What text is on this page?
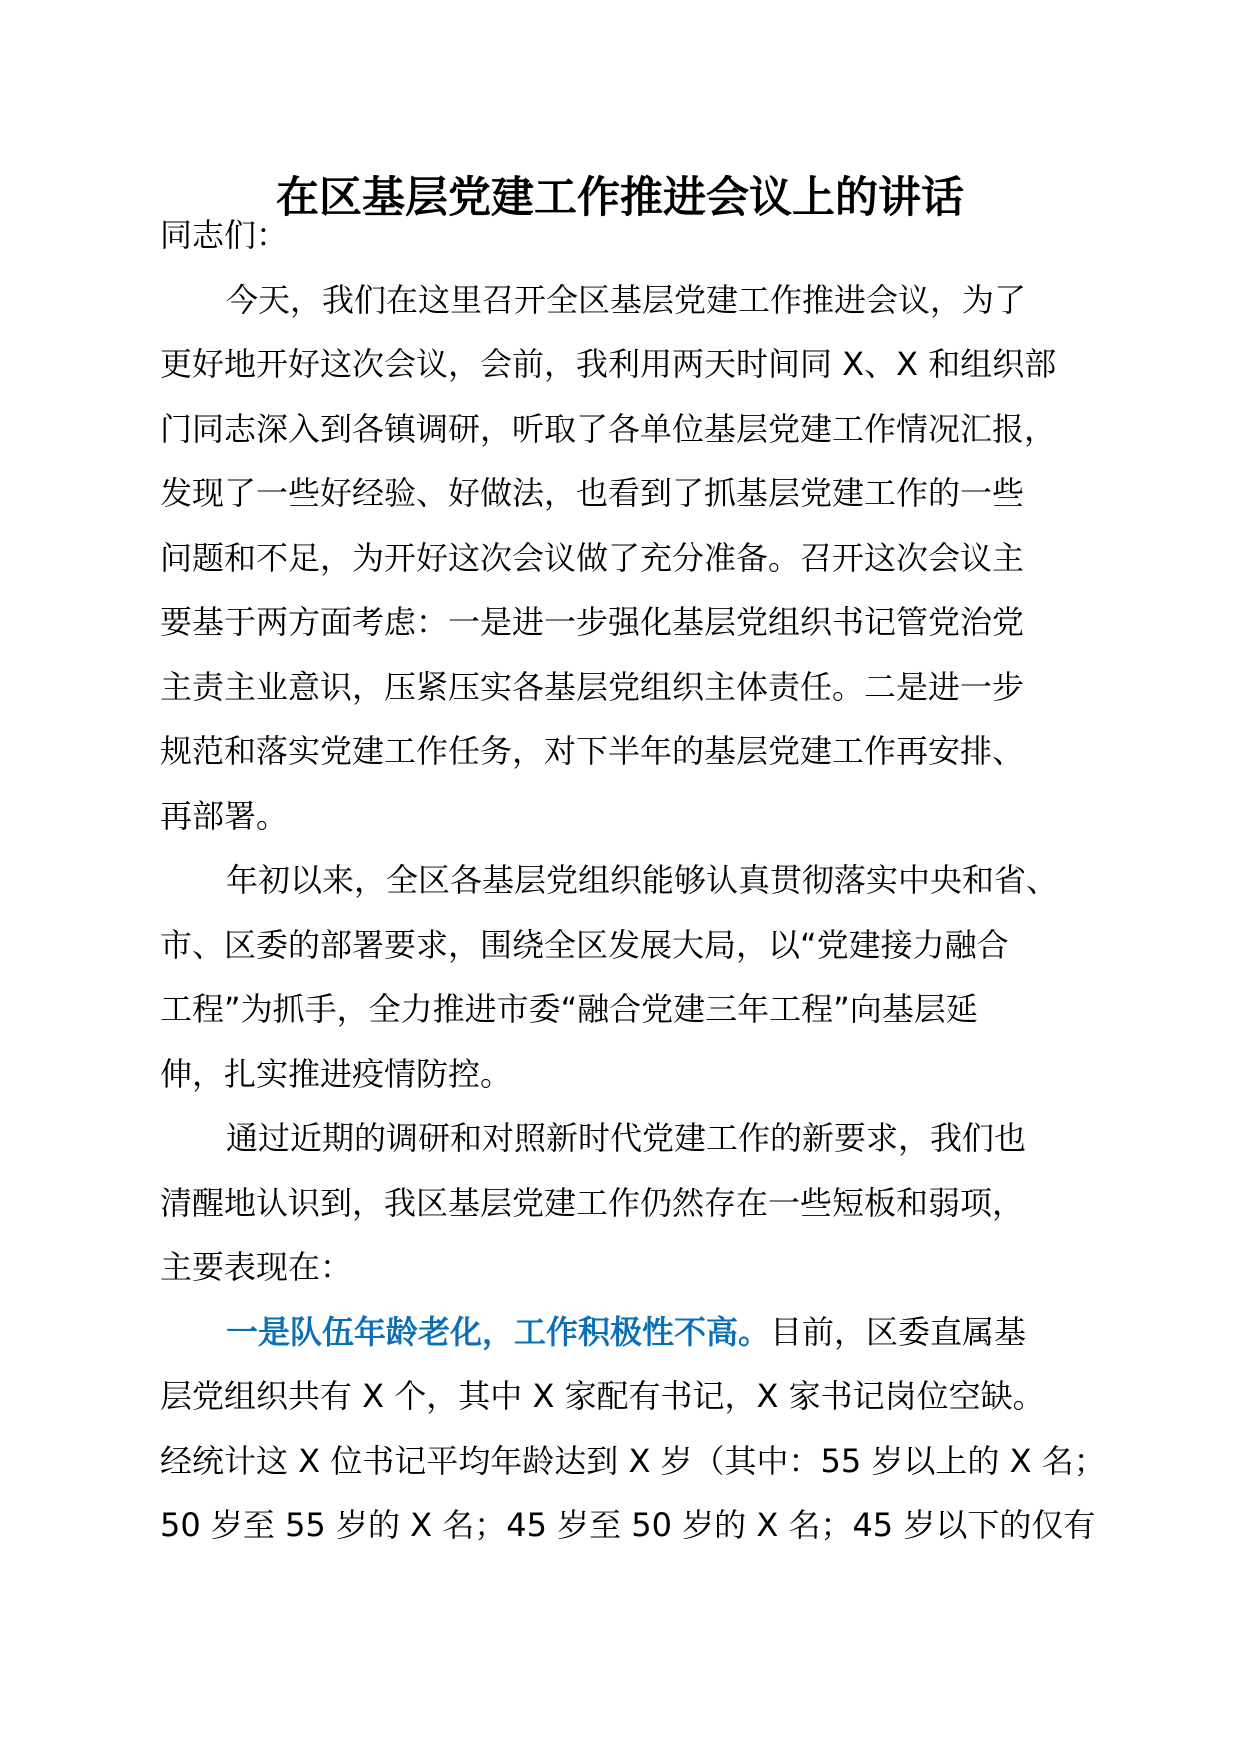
在区基层党建工作推进会议上的讲话
同志们：
今天，我们在这里召开全区基层党建工作推进会议，为了
更好地开好这次会议，会前，我利用两天时间同 X、X 和组织部
门同志深入到各镇调研，听取了各单位基层党建工作情况汇报，
发现了一些好经验、好做法，也看到了抓基层党建工作的一些
问题和不足，为开好这次会议做了充分准备。召开这次会议主
要基于两方面考虑：一是进一步强化基层党组织书记管党治党
主责主业意识，压紧压实各基层党组织主体责任。二是进一步
规范和落实党建工作任务，对下半年的基层党建工作再安排、
再部署。
年初以来，全区各基层党组织能够认真贯彻落实中央和省、
市、区委的部署要求，围绕全区发展大局，以“党建接力融合
工程”为抓手，全力推进市委“融合党建三年工程”向基层延
伸，扎实推进疫情防控。
通过近期的调研和对照新时代党建工作的新要求，我们也
清醒地认识到，我区基层党建工作仍然存在一些短板和弱项，
主要表现在：
一是队伍年龄老化，工作积极性不高。目前，区委直属基
层党组织共有 X 个，其中 X 家配有书记，X 家书记岗位空缺。
经统计这 X 位书记平均年龄达到 X 岁（其中：55 岁以上的 X 名；
50 岁至 55 岁的 X 名；45 岁至 50 岁的 X 名；45 岁以下的仅有
